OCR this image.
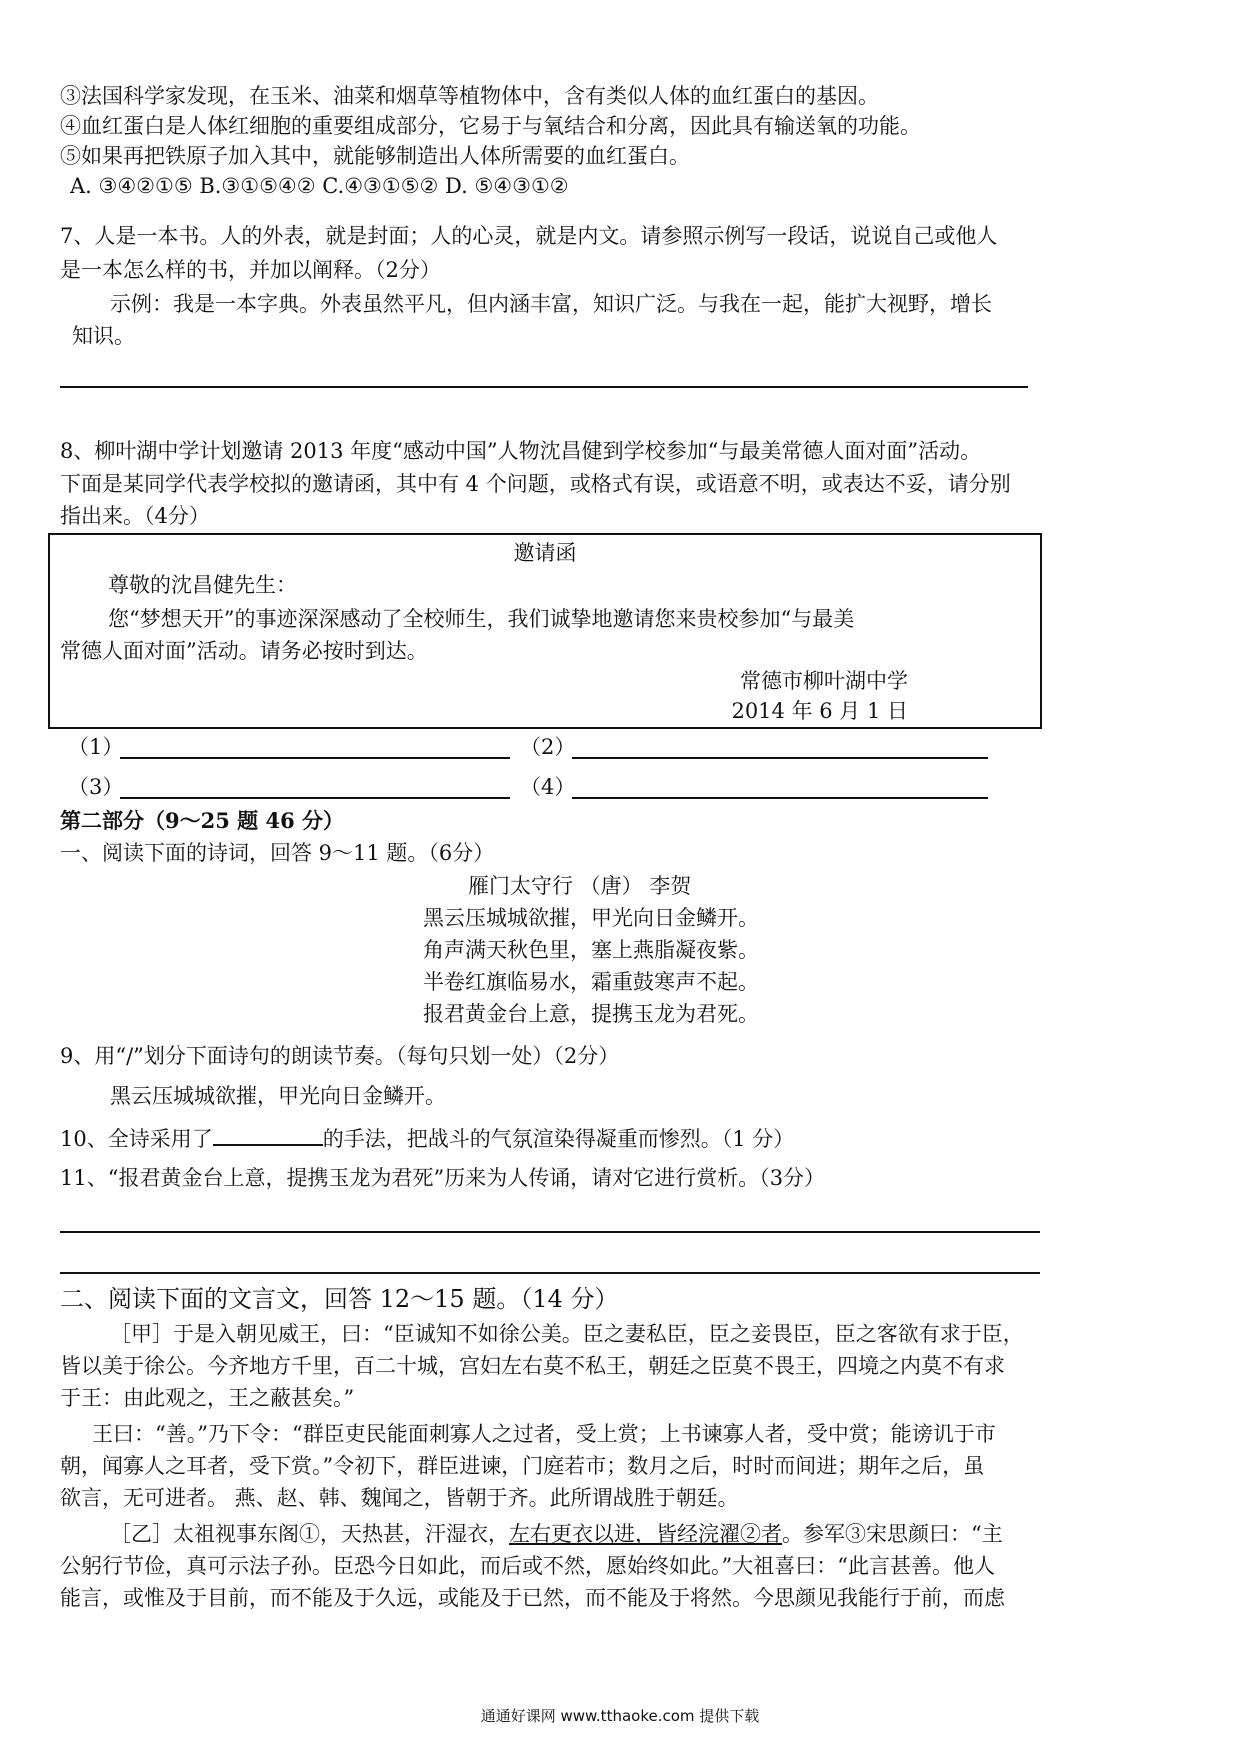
③法国科学家发现，在玉米、油菜和烟草等植物体中，含有类似人体的血红蛋白的基因。
④血红蛋白是人体红细胞的重要组成部分，它易于与氧结合和分离，因此具有输送氧的功能。
⑤如果再把铁原子加入其中，就能够制造出人体所需要的血红蛋白。
A. ③④②①⑤ B.③①⑤④② C.④③①⑤② D. ⑤④③①②
7、人是一本书。人的外表，就是封面；人的心灵，就是内文。请参照示例写一段话，说说自己或他人
是一本怎么样的书，并加以阐释。（2分）
示例：我是一本字典。外表虽然平凡，但内涵丰富，知识广泛。与我在一起，能扩大视野，增长
知识。
8、柳叶湖中学计划邀请 2013 年度“感动中国”人物沈昌健到学校参加“与最美常德人面对面”活动。
下面是某同学代表学校拟的邀请函，其中有 4 个问题，或格式有误，或语意不明，或表达不妥，请分别
指出来。（4分）
邀请函
尊敬的沈昌健先生：
您“梦想天开”的事迹深深感动了全校师生，我们诚挚地邀请您来贵校参加“与最美
常德人面对面”活动。请务必按时到达。
常德市柳叶湖中学
2014 年 6 月 1 日
（1）	（2）
（3）	（4）
第二部分（9～25 题 46 分）
一、阅读下面的诗词，回答 9～11 题。（6分）
雁门太守行 （唐） 李贺
黑云压城城欲摧，甲光向日金鳞开。
角声满天秋色里，塞上燕脂凝夜紫。
半卷红旗临易水，霜重鼓寒声不起。
报君黄金台上意，提携玉龙为君死。
9、用“/”划分下面诗句的朗读节奏。（每句只划一处）（2分）
黑云压城城欲摧，甲光向日金鳞开。
10、全诗采用了	的手法，把战斗的气氛渲染得凝重而惨烈。（1 分）
11、“报君黄金台上意，提携玉龙为君死”历来为人传诵，请对它进行赏析。（3分）
二、阅读下面的文言文，回答 12～15 题。（14 分）
［甲］于是入朝见威王，曰：“臣诚知不如徐公美。臣之妻私臣，臣之妾畏臣，臣之客欲有求于臣，
皆以美于徐公。今齐地方千里，百二十城，宫妇左右莫不私王，朝廷之臣莫不畏王，四境之内莫不有求
于王：由此观之，王之蔽甚矣。”
王曰：“善。”乃下令：“群臣吏民能面刺寡人之过者，受上赏；上书谏寡人者，受中赏；能谤讥于市
朝，闻寡人之耳者，受下赏。”令初下，群臣进谏，门庭若市；数月之后，时时而间进；期年之后，虽
欲言，无可进者。 燕、赵、韩、魏闻之，皆朝于齐。此所谓战胜于朝廷。
［乙］太祖视事东阁①，天热甚，汗湿衣，左右更衣以进，皆经浣濯②者。参军③宋思颜曰：“主
公躬行节俭，真可示法子孙。臣恐今日如此，而后或不然，愿始终如此。”大祖喜曰：“此言甚善。他人
能言，或惟及于目前，而不能及于久远，或能及于已然，而不能及于将然。今思颜见我能行于前，而虑
通通好课网 www.tthaoke.com 提供下载
